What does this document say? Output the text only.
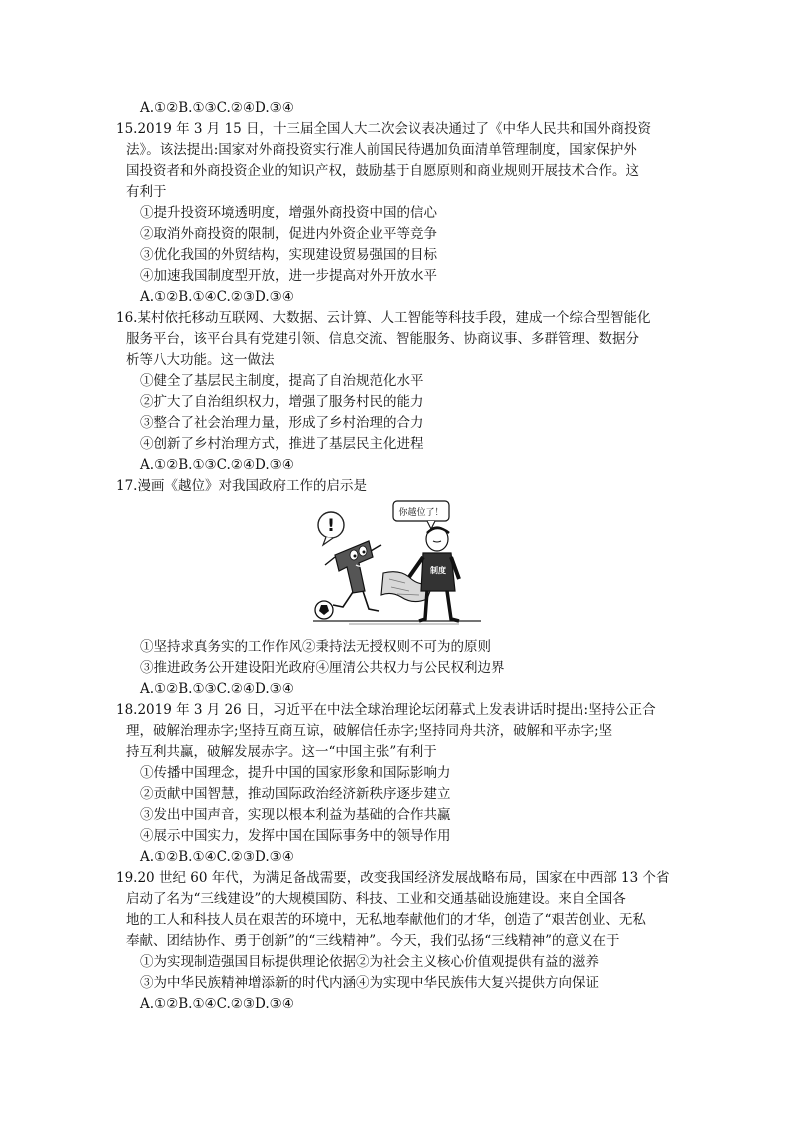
A.①②B.①③C.②④D.③④
15.2019 年 3 月 15 日，十三届全国人大二次会议表决通过了《中华人民共和国外商投资
法》。该法提出:国家对外商投资实行准人前国民待遇加负面清单管理制度，国家保护外
国投资者和外商投资企业的知识产权，鼓励基于自愿原则和商业规则开展技术合作。这
有利于
①提升投资环境透明度，增强外商投资中国的信心
②取消外商投资的限制，促进内外资企业平等竞争
③优化我国的外贸结构，实现建设贸易强国的目标
④加速我国制度型开放，进一步提高对外开放水平
A.①②B.①④C.②③D.③④
16.某村依托移动互联网、大数据、云计算、人工智能等科技手段，建成一个综合型智能化
服务平台，该平台具有党建引领、信息交流、智能服务、协商议事、多群管理、数据分
析等八大功能。这一做法
①健全了基层民主制度，提高了自治规范化水平
②扩大了自治组织权力，增强了服务村民的能力
③整合了社会治理力量，形成了乡村治理的合力
④创新了乡村治理方式，推进了基层民主化进程
A.①②B.①③C.②④D.③④
17.漫画《越位》对我国政府工作的启示是
!
你越位了！
制度
①坚持求真务实的工作作风②秉持法无授权则不可为的原则
③推进政务公开建设阳光政府④厘清公共权力与公民权利边界
A.①②B.①③C.②④D.③④
18.2019 年 3 月 26 日，习近平在中法全球治理论坛闭幕式上发表讲话时提出:坚持公正合
理，破解治理赤字;坚持互商互谅，破解信任赤字;坚持同舟共济，破解和平赤字;坚
持互利共赢，破解发展赤字。这一“中国主张”有利于
①传播中国理念，提升中国的国家形象和国际影响力
②贡献中国智慧，推动国际政治经济新秩序逐步建立
③发出中国声音，实现以根本利益为基础的合作共赢
④展示中国实力，发挥中国在国际事务中的领导作用
A.①②B.①④C.②③D.③④
19.20 世纪 60 年代，为满足备战需要，改变我国经济发展战略布局，国家在中西部 13 个省
启动了名为“三线建设”的大规模国防、科技、工业和交通基础设施建设。来自全国各
地的工人和科技人员在艰苦的环境中，无私地奉献他们的才华，创造了“艰苦创业、无私
奉献、团结协作、勇于创新”的“三线精神”。今天，我们弘扬“三线精神”的意义在于
①为实现制造强国目标提供理论依据②为社会主义核心价值观提供有益的滋养
③为中华民族精神增添新的时代内涵④为实现中华民族伟大复兴提供方向保证
A.①②B.①④C.②③D.③④
